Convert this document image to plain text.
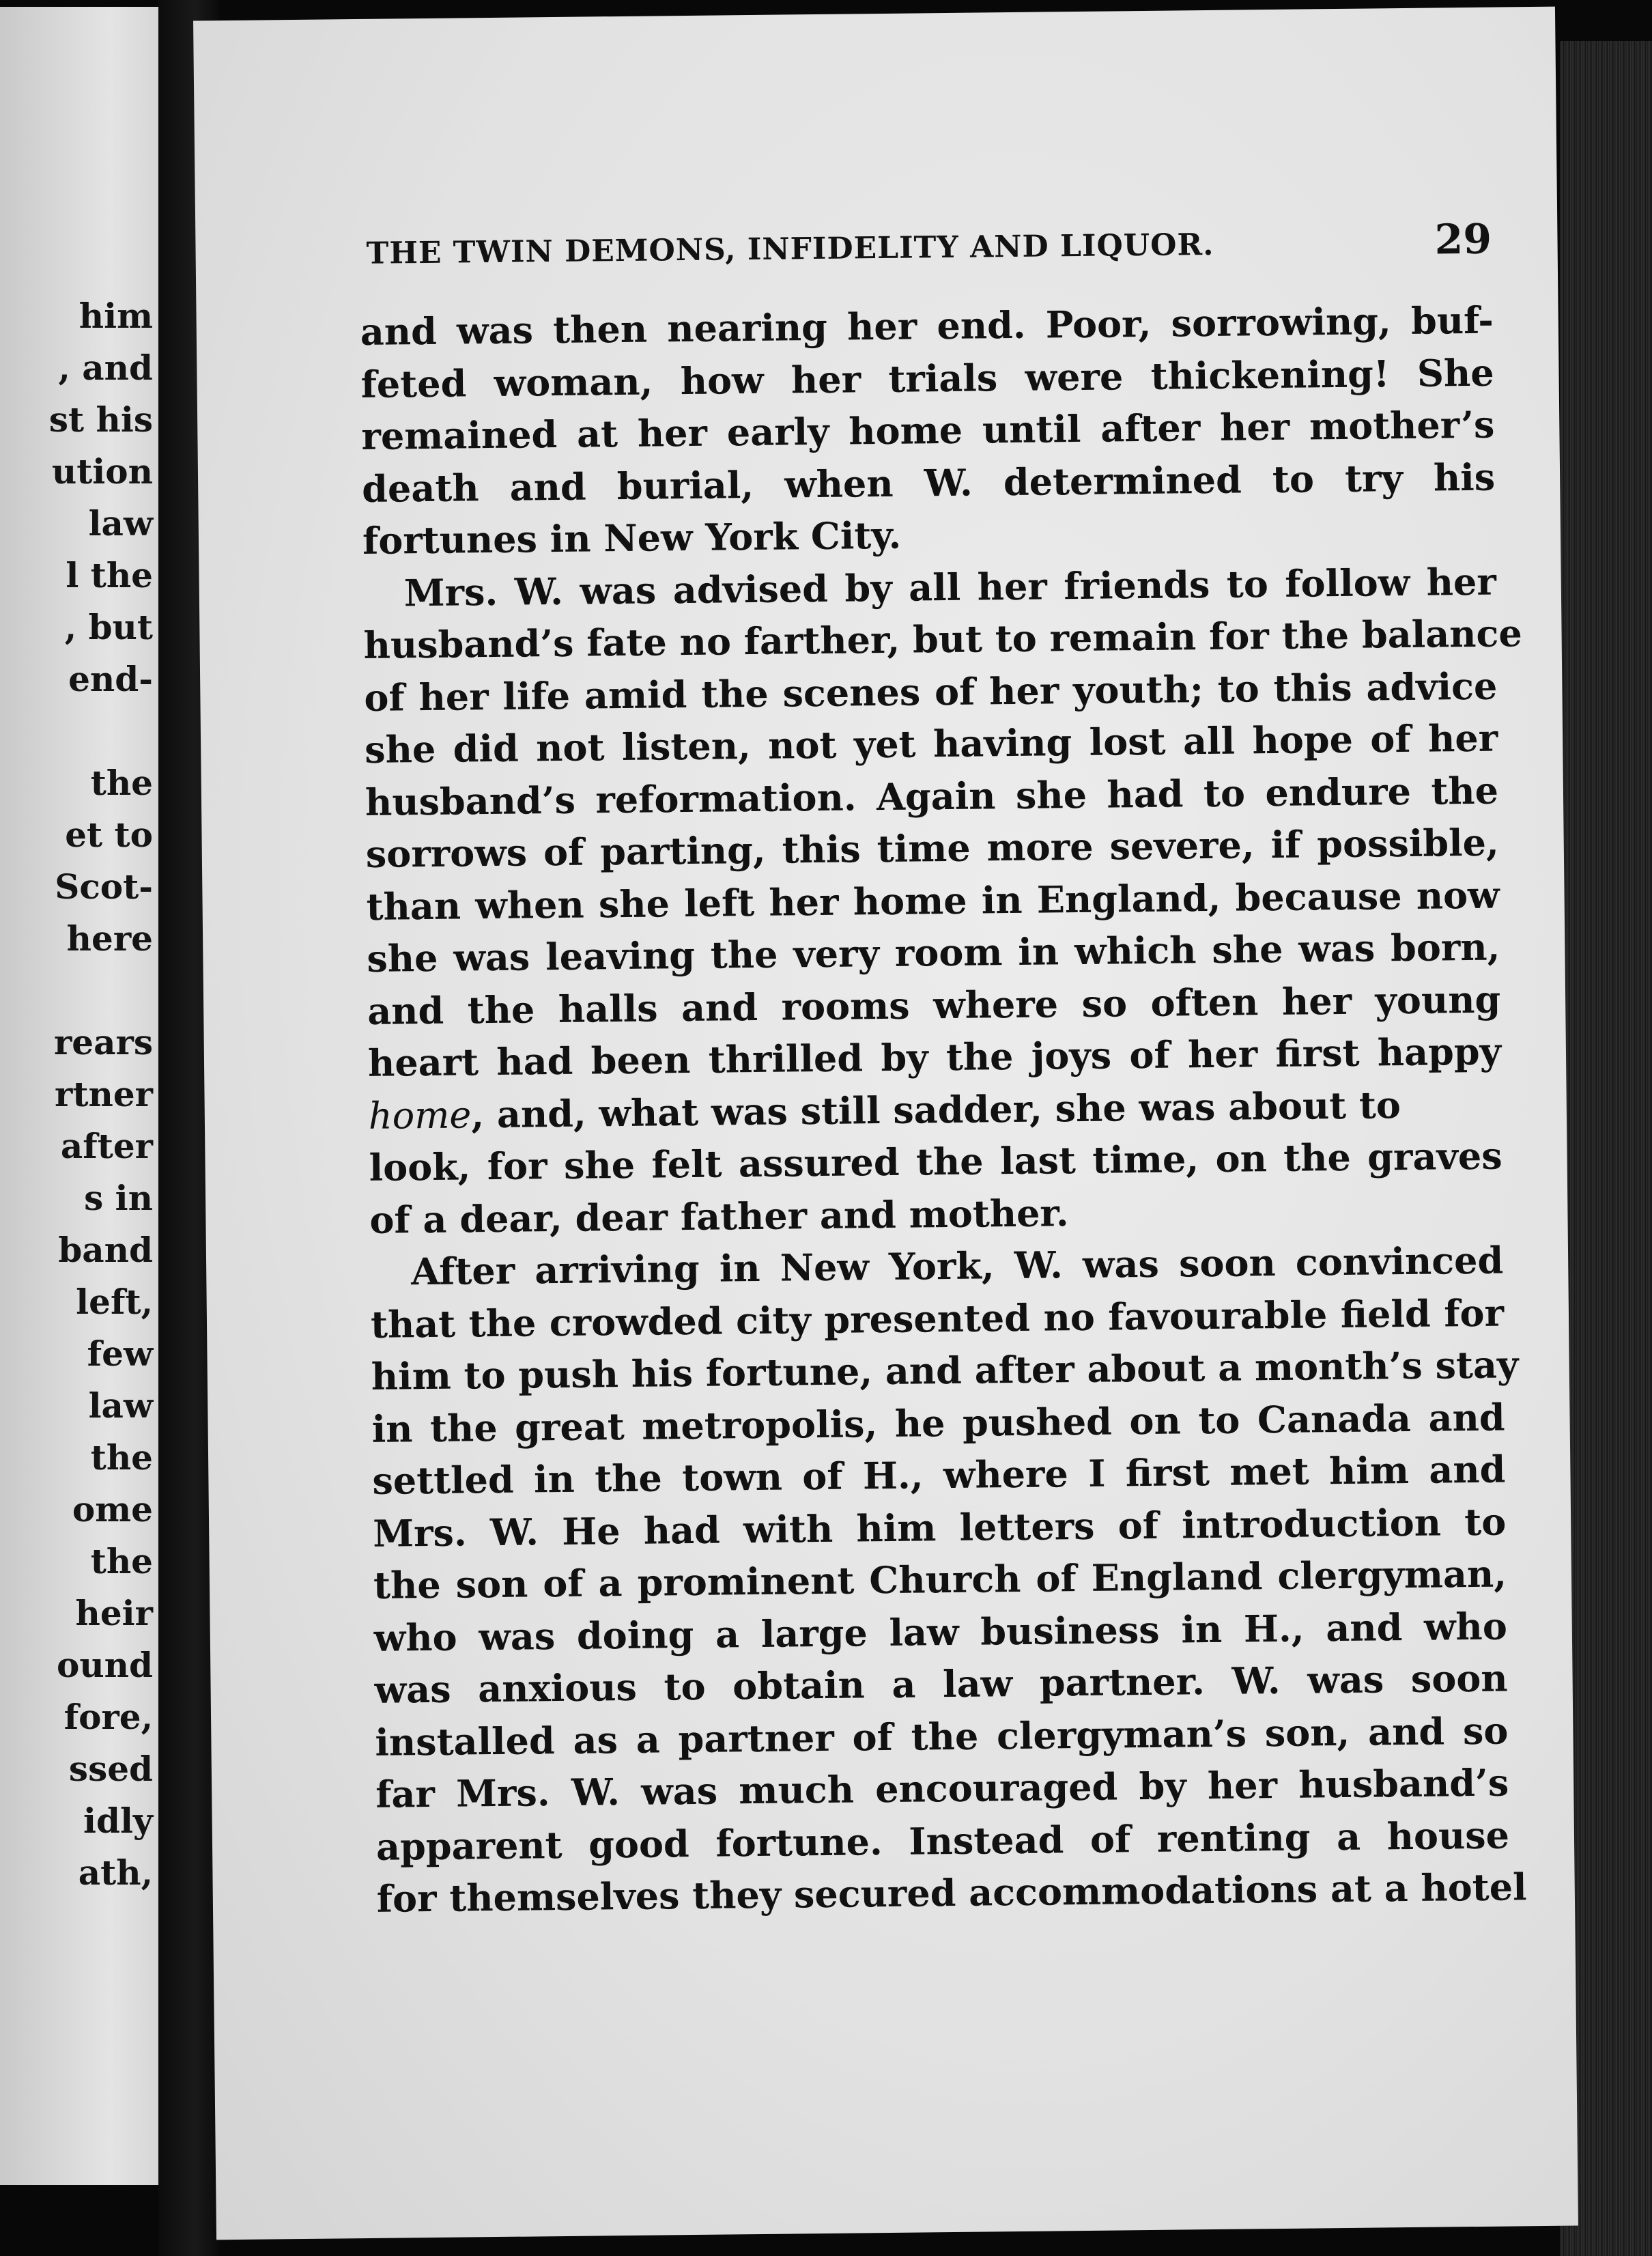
him
, and
st his
ution
law
l the
, but
end-
the
et to
Scot-
here
rears
rtner
after
s in
band
left,
few
law
the
ome
the
heir
ound
fore,
ssed
idly
ath,
THE TWIN DEMONS, INFIDELITY AND LIQUOR.	29
and was then nearing her end. Poor, sorrowing, buf-
feted woman, how her trials were thickening! She
remained at her early home until after her mother’s
death and burial, when W. determined to try his
fortunes in New York City.
Mrs. W. was advised by all her friends to follow her
husband’s fate no farther, but to remain for the balance
of her life amid the scenes of her youth; to this advice
she did not listen, not yet having lost all hope of her
husband’s reformation. Again she had to endure the
sorrows of parting, this time more severe, if possible,
than when she left her home in England, because now
she was leaving the very room in which she was born,
and the halls and rooms where so often her young
heart had been thrilled by the joys of her first happy
home, and, what was still sadder, she was about to
look, for she felt assured the last time, on the graves
of a dear, dear father and mother.
After arriving in New York, W. was soon convinced
that the crowded city presented no favourable field for
him to push his fortune, and after about a month’s stay
in the great metropolis, he pushed on to Canada and
settled in the town of H., where I first met him and
Mrs. W. He had with him letters of introduction to
the son of a prominent Church of England clergyman,
who was doing a large law business in H., and who
was anxious to obtain a law partner. W. was soon
installed as a partner of the clergyman’s son, and so
far Mrs. W. was much encouraged by her husband’s
apparent good fortune. Instead of renting a house
for themselves they secured accommodations at a hotel
